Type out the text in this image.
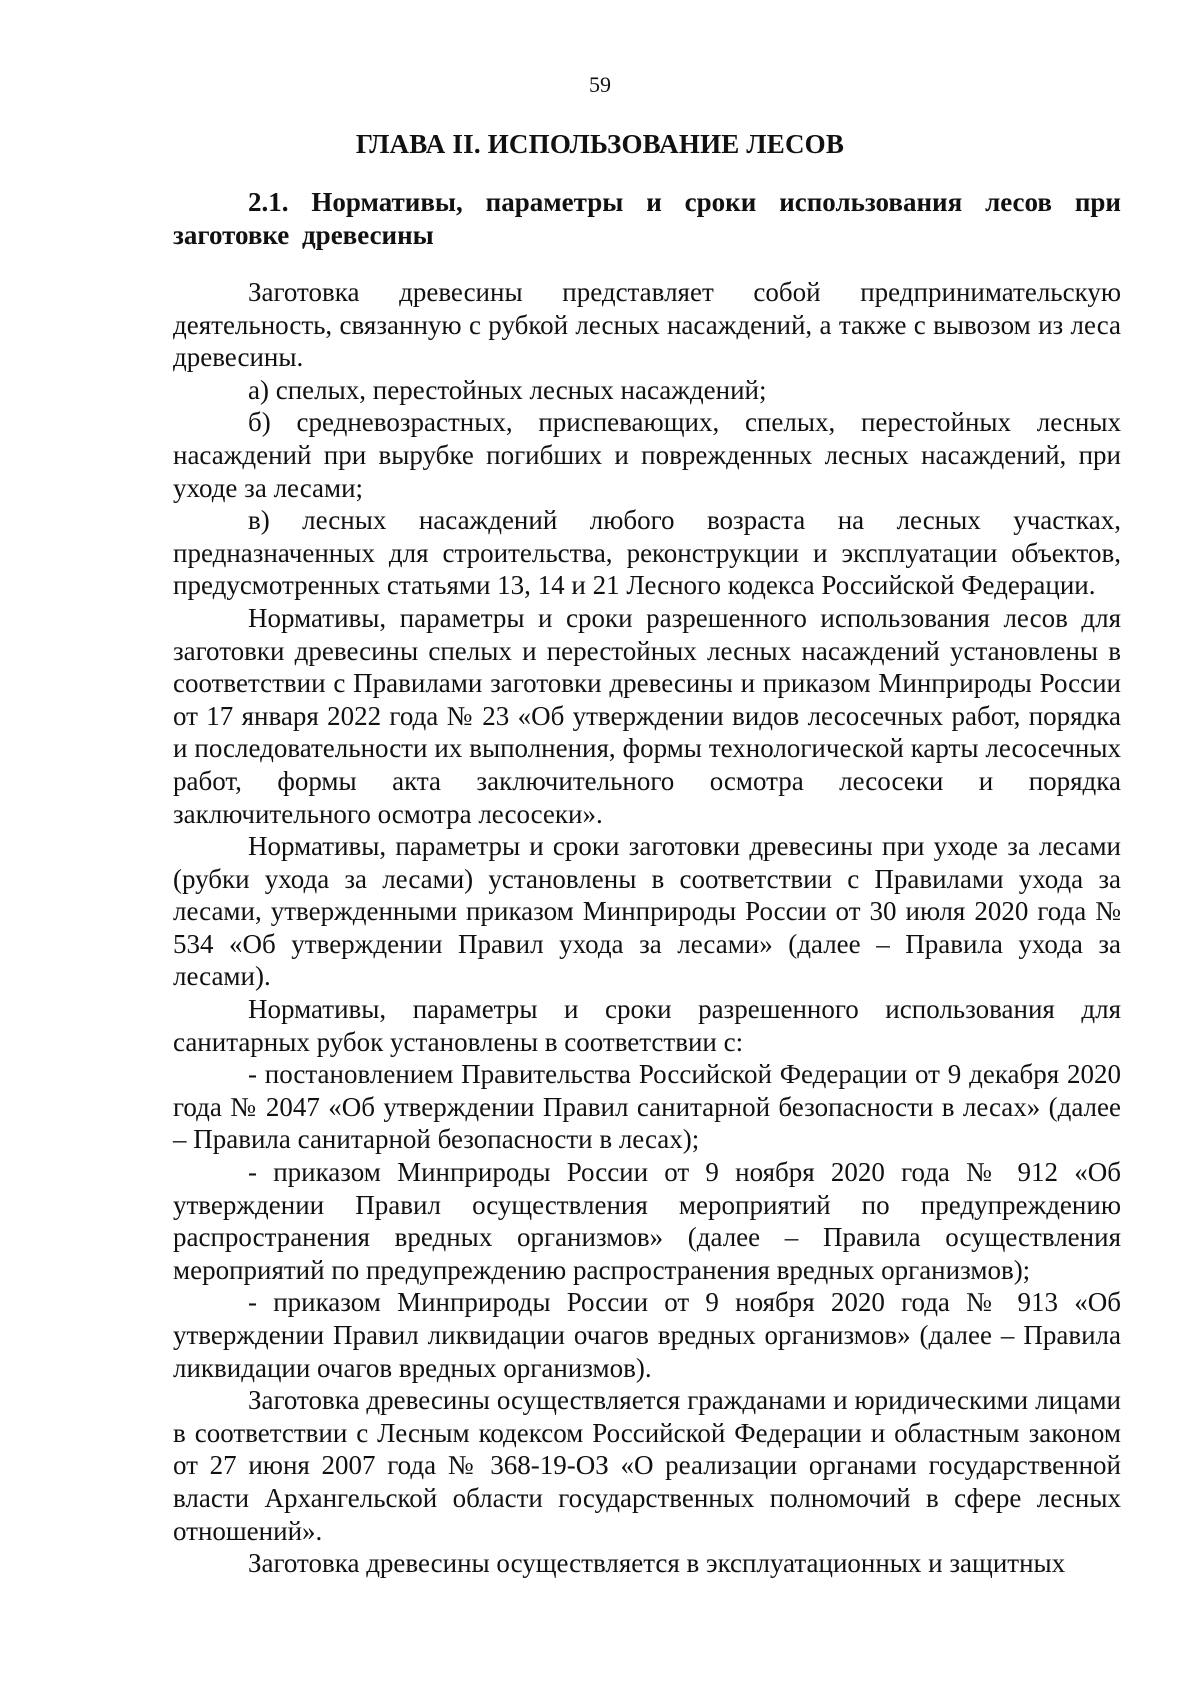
59
ГЛАВА II. ИСПОЛЬЗОВАНИЕ ЛЕСОВ
2.1. Нормативы, параметры и сроки использования лесов при заготовке древесины

Заготовка древесины представляет собой предпринимательскую деятельность, связанную с рубкой лесных насаждений, а также с вывозом из леса древесины.

а) спелых, перестойных лесных насаждений;

б) средневозрастных, приспевающих, спелых, перестойных лесных насаждений при вырубке погибших и поврежденных лесных насаждений, при уходе за лесами;

в) лесных насаждений любого возраста на лесных участках, предназначенных для строительства, реконструкции и эксплуатации объектов, предусмотренных статьями 13, 14 и 21 Лесного кодекса Российской Федерации.

Нормативы, параметры и сроки разрешенного использования лесов для заготовки древесины спелых и перестойных лесных насаждений установлены в соответствии с Правилами заготовки древесины и приказом Минприроды России от 17 января 2022 года № 23 «Об утверждении видов лесосечных работ, порядка и последовательности их выполнения, формы технологической карты лесосечных работ, формы акта заключительного осмотра лесосеки и порядка заключительного осмотра лесосеки».

Нормативы, параметры и сроки заготовки древесины при уходе за лесами (рубки ухода за лесами) установлены в соответствии с Правилами ухода за лесами, утвержденными приказом Минприроды России от 30 июля 2020 года № 534 «Об утверждении Правил ухода за лесами» (далее – Правила ухода за лесами).

Нормативы, параметры и сроки разрешенного использования для санитарных рубок установлены в соответствии с:

- постановлением Правительства Российской Федерации от 9 декабря 2020 года № 2047 «Об утверждении Правил санитарной безопасности в лесах» (далее – Правила санитарной безопасности в лесах);

- приказом Минприроды России от 9 ноября 2020 года № 912 «Об утверждении Правил осуществления мероприятий по предупреждению распространения вредных организмов» (далее – Правила осуществления мероприятий по предупреждению распространения вредных организмов);

- приказом Минприроды России от 9 ноября 2020 года № 913 «Об утверждении Правил ликвидации очагов вредных организмов» (далее – Правила ликвидации очагов вредных организмов).

Заготовка древесины осуществляется гражданами и юридическими лицами в соответствии с Лесным кодексом Российской Федерации и областным законом от 27 июня 2007 года № 368-19-ОЗ «О реализации органами государственной власти Архангельской области государственных полномочий в сфере лесных отношений».

Заготовка древесины осуществляется в эксплуатационных и защитных
